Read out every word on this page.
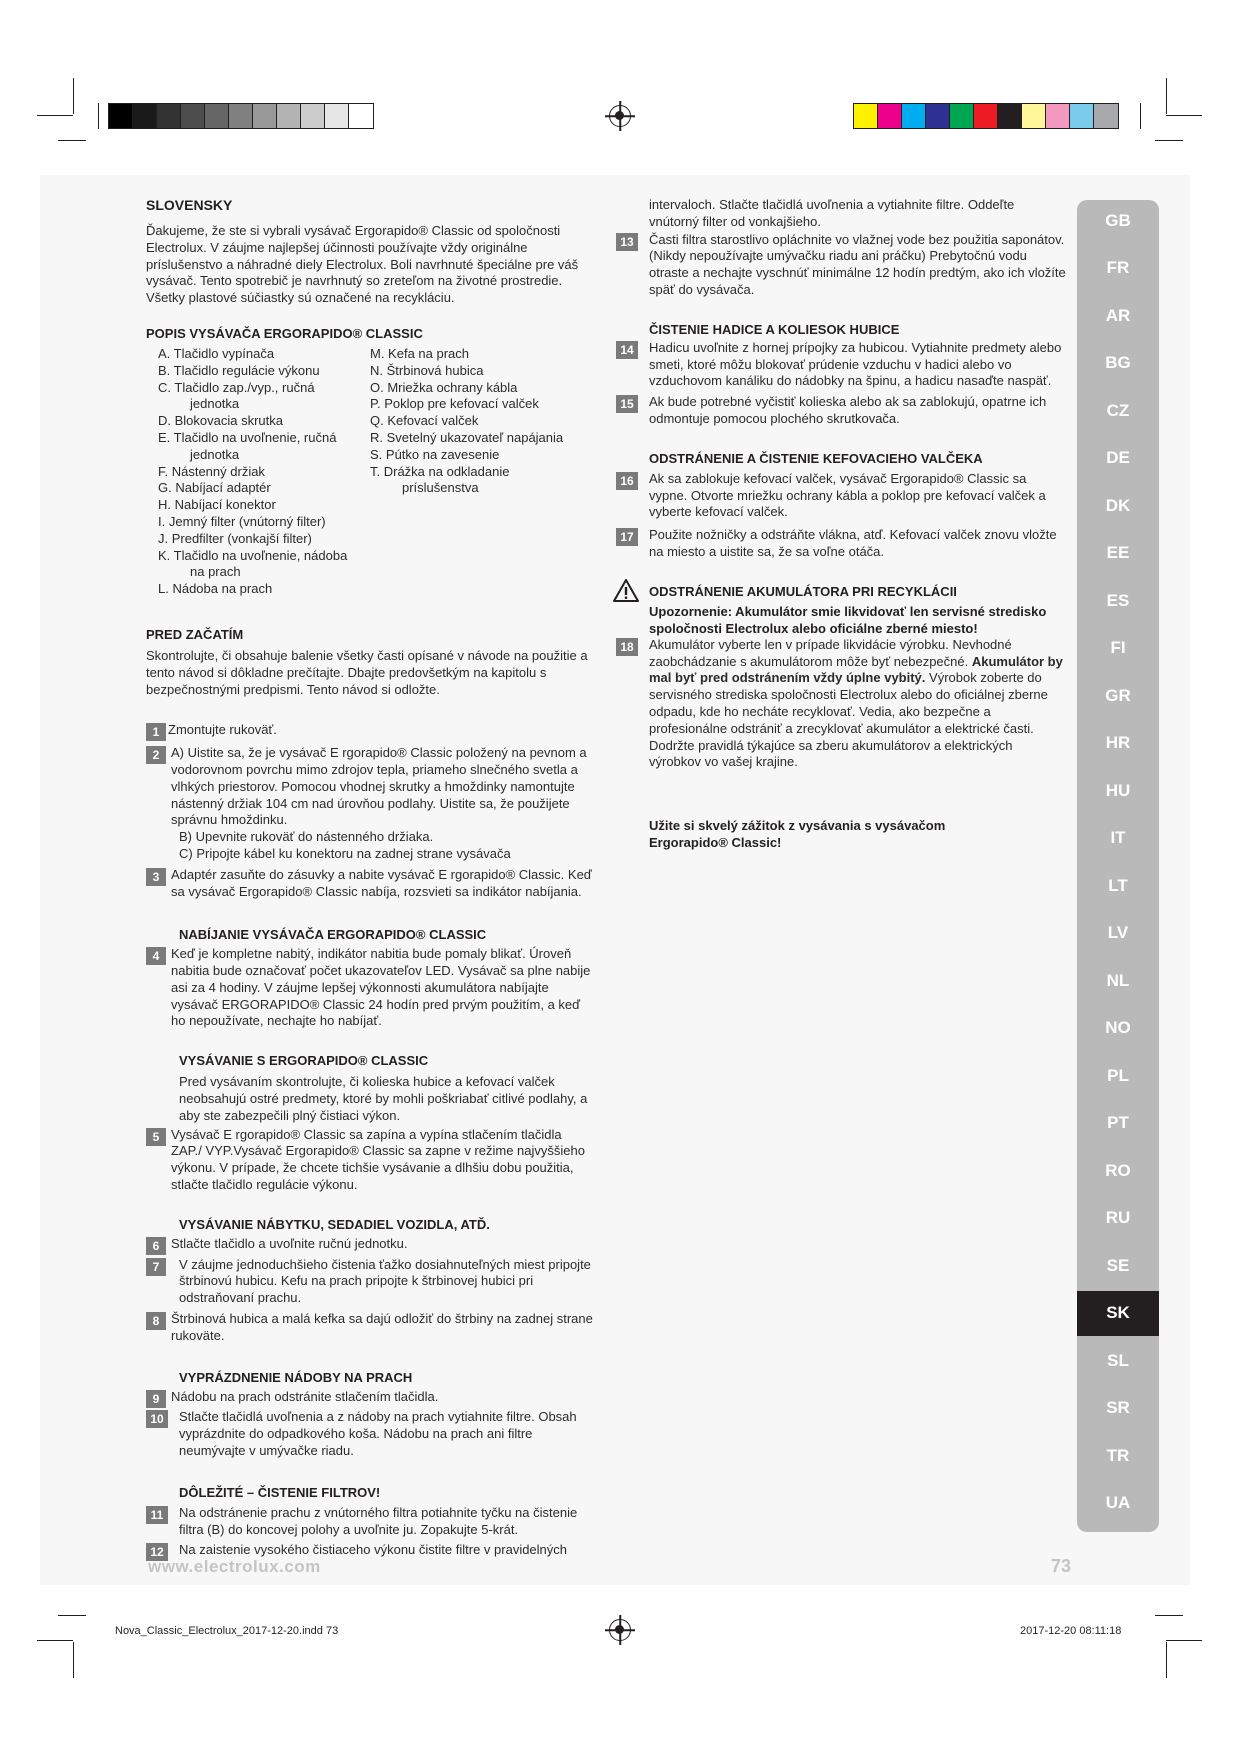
Nova_Classic_Electrolux_2017-12-20.indd 73	2017-12-20 08:11:18

SLOVENSKY

Ďakujeme, že ste si vybrali vysávač Ergorapido® Classic od spoločnosti Electrolux. V záujme najlepšej účinnosti používajte vždy originálne príslušenstvo a náhradné diely Electrolux. Boli navrhnuté špeciálne pre váš vysávač. Tento spotrebič je navrhnutý so zreteľom na životné prostredie. Všetky plastové súčiastky sú označené na recykláciu.

POPIS VYSÁVAČA ERGORAPIDO® CLASSIC

A. Tlačidlo vypínača
B. Tlačidlo regulácie výkonu
C. Tlačidlo zap./vyp., ručná
jednotka
D. Blokovacia skrutka
E. Tlačidlo na uvoľnenie, ručná
jednotka
F. Nástenný držiak
G. Nabíjací adaptér
H. Nabíjací konektor
I. Jemný filter (vnútorný filter)
J. Predfilter (vonkajší filter)
K. Tlačidlo na uvoľnenie, nádoba
na prach
L. Nádoba na prach
M. Kefa na prach
N. Štrbinová hubica
O. Mriežka ochrany kábla
P. Poklop pre kefovací valček
Q. Kefovací valček
R. Svetelný ukazovateľ napájania
S. Pútko na zavesenie
T. Drážka na odkladanie
príslušenstva

PRED ZAČATÍM

Skontrolujte, či obsahuje balenie všetky časti opísané v návode na použitie a tento návod si dôkladne prečítajte. Dbajte predovšetkým na kapitolu s bezpečnostnými predpismi. Tento návod si odložte.

1 Zmontujte rukoväť.

2 A) Uistite sa, že je vysávač E rgorapido® Classic položený na pevnom a vodorovnom povrchu mimo zdrojov tepla, priameho slnečného svetla a vlhkých priestorov. Pomocou vhodnej skrutky a hmoždinky namontujte nástenný držiak 104 cm nad úrovňou podlahy. Uistite sa, že použijete správnu hmoždinku.

B) Upevnite rukoväť do nástenného držiaka.

C) Pripojte kábel ku konektoru na zadnej strane vysávača

3 Adaptér zasuňte do zásuvky a nabite vysávač E rgorapido® Classic. Keď sa vysávač Ergorapido® Classic nabíja, rozsvieti sa indikátor nabíjania.

NABÍJANIE VYSÁVAČA ERGORAPIDO® CLASSIC

4 Keď je kompletne nabitý, indikátor nabitia bude pomaly blikať. Úroveň nabitia bude označovať počet ukazovateľov LED. Vysávač sa plne nabije asi za 4 hodiny. V záujme lepšej výkonnosti akumulátora nabíjajte vysávač ERGORAPIDO® Classic 24 hodín pred prvým použitím, a keď ho nepoužívate, nechajte ho nabíjať.

VYSÁVANIE S ERGORAPIDO® CLASSIC

Pred vysávaním skontrolujte, či kolieska hubice a kefovací valček neobsahujú ostré predmety, ktoré by mohli poškriabať citlivé podlahy, a aby ste zabezpečili plný čistiaci výkon.

5 Vysávač E rgorapido® Classic sa zapína a vypína stlačením tlačidla ZAP./ VYP.Vysávač Ergorapido® Classic sa zapne v režime najvyššieho výkonu. V prípade, že chcete tichšie vysávanie a dlhšiu dobu použitia, stlačte tlačidlo regulácie výkonu.

VYSÁVANIE NÁBYTKU, SEDADIEL VOZIDLA, ATĎ.

6 Stlačte tlačidlo a uvoľnite ručnú jednotku.

7	V záujme jednoduchšieho čistenia ťažko dosiahnuteľných miest pripojte štrbinovú hubicu. Kefu na prach pripojte k štrbinovej hubici pri odstraňovaní prachu.

8 Štrbinová hubica a malá kefka sa dajú odložiť do štrbiny na zadnej strane rukoväte.

VYPRÁZDNENIE NÁDOBY NA PRACH

9 Nádobu na prach odstránite stlačením tlačidla.

10	Stlačte tlačidlá uvoľnenia a z nádoby na prach vytiahnite filtre. Obsah vyprázdnite do odpadkového koša. Nádobu na prach ani filtre neumývajte v umývačke riadu.

DÔLEŽITÉ – ČISTENIE FILTROV!

11	Na odstránenie prachu z vnútorného filtra potiahnite tyčku na čistenie filtra (B) do koncovej polohy a uvoľnite ju. Zopakujte 5-krát.

12	Na zaistenie vysokého čistiaceho výkonu čistite filtre v pravidelných

intervaloch. Stlačte tlačidlá uvoľnenia a vytiahnite filtre. Oddeľte vnútorný filter od vonkajšieho.

13	Časti filtra starostlivo opláchnite vo vlažnej vode bez použitia saponátov. (Nikdy nepoužívajte umývačku riadu ani práčku) Prebytočnú vodu otraste a nechajte vyschnúť minimálne 12 hodín predtým, ako ich vložíte späť do vysávača.

ČISTENIE HADICE A KOLIESOK HUBICE

14	Hadicu uvoľnite z hornej prípojky za hubicou. Vytiahnite predmety alebo smeti, ktoré môžu blokovať prúdenie vzduchu v hadici alebo vo vzduchovom kanáliku do nádobky na špinu, a hadicu nasaďte naspäť.

15	Ak bude potrebné vyčistiť kolieska alebo ak sa zablokujú, opatrne ich odmontuje pomocou plochého skrutkovača.

ODSTRÁNENIE A ČISTENIE KEFOVACIEHO VALČEKA

16	Ak sa zablokuje kefovací valček, vysávač Ergorapido® Classic sa vypne. Otvorte mriežku ochrany kábla a poklop pre kefovací valček a vyberte kefovací valček.

17	Použite nožničky a odstráňte vlákna, atď. Kefovací valček znovu vložte na miesto a uistite sa, že sa voľne otáča.

ODSTRÁNENIE AKUMULÁTORA PRI RECYKLÁCII

Upozornenie: Akumulátor smie likvidovať len servisné stredisko spoločnosti Electrolux alebo oficiálne zberné miesto!

18	Akumulátor vyberte len v prípade likvidácie výrobku. Nevhodné zaobchádzanie s akumulátorom môže byť nebezpečné. Akumulátor by mal byť pred odstránením vždy úplne vybitý. Výrobok zoberte do servisného strediska spoločnosti Electrolux alebo do oficiálnej zberne odpadu, kde ho necháte recyklovať. Vedia, ako bezpečne a profesionálne odstrániť a zrecyklovať akumulátor a elektrické časti. Dodržte pravidlá týkajúce sa zberu akumulátorov a elektrických výrobkov vo vašej krajine.

Užite si skvelý zážitok z vysávania s vysávačom Ergorapido® Classic!

GB
FR
AR
BG
CZ
DE
DK
EE
ES
FI
GR
HR
HU
IT
LT
LV
NL
NO
PL
PT
RO
RU
SE
SK
SL
SR
TR
UA
www.electrolux.com	73
